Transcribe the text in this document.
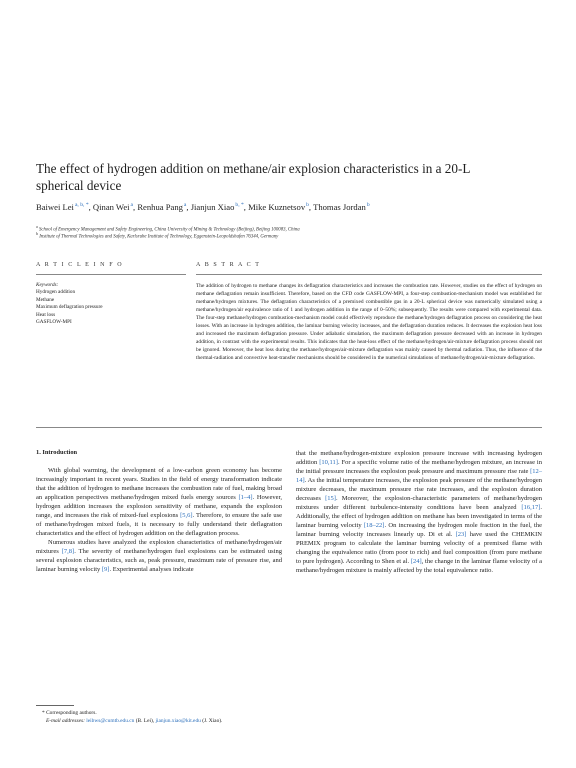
The effect of hydrogen addition on methane/air explosion characteristics in a 20-L spherical device
Baiwei Lei$^{a, b, *}$, Qinan Wei$^a$, Renhua Pang$^a$, Jianjun Xiao$^{b, *}$, Mike Kuznetsov$^b$, Thomas Jordan$^b$
$^a$ School of Emergency Management and Safety Engineering, China University of Mining & Technology (Beijing), Beijing 100083, China
$^b$ Institute of Thermal Technologies and Safety, Karlsruhe Institute of Technology, Eggenstein-Leopoldshafen 76344, Germany
A R T I C L E I N F O	A B S T R A C T
Keywords:
Hydrogen addition
Methane
Maximum deflagration pressure
Heat loss
GASFLOW-MPI
The addition of hydrogen to methane changes its deflagration characteristics and increases the combustion rate. However, studies on the effect of hydrogen on methane deflagration remain insufficient. Therefore, based on the CFD code GASFLOW-MPI, a four-step combustion-mechanism model was established for methane/hydrogen mixtures. The deflagration characteristics of a premixed combustible gas in a 20-L spherical device was numerically simulated using a methane/hydrogen/air equivalence ratio of 1 and hydrogen addition in the range of 0–50%; subsequently. The results were compared with experimental data. The four-step methane/hydrogen combustion-mechanism model could effectively reproduce the methane/hydrogen deflagration process on considering the heat losses. With an increase in hydrogen addition, the laminar burning velocity increases, and the deflagration duration reduces. It decreases the explosion heat loss and increased the maximum deflagration pressure. Under adiabatic simulation, the maximum deflagration pressure decreased with an increase in hydrogen addition, in contrast with the experimental results. This indicates that the heat-loss effect of the methane/hydrogen/air-mixture deflagration process should not be ignored. Moreover, the heat loss during the methane/hydrogen/air-mixture deflagration was mainly caused by thermal radiation. Thus, the influence of the thermal-radiation and convective heat-transfer mechanisms should be considered in the numerical simulations of methane/hydrogen/air-mixture deflagration.
1. Introduction

With global warming, the development of a low-carbon green economy has become increasingly important in recent years. Studies in the field of energy transformation indicate that the addition of hydrogen to methane increases the combustion rate of fuel, making broad an application perspectives methane/hydrogen mixed fuels energy sources [1–4]. However, hydrogen addition increases the explosion sensitivity of methane, expands the explosion range, and increases the risk of mixed-fuel explosions [5,6]. Therefore, to ensure the safe use of methane/hydrogen mixed fuels, it is necessary to fully understand their deflagration characteristics and the effect of hydrogen addition on the deflagration process.

Numerous studies have analyzed the explosion characteristics of methane/hydrogen/air mixtures [7,8]. The severity of methane/hydrogen fuel explosions can be estimated using several explosion characteristics, such as, peak pressure, maximum rate of pressure rise, and laminar burning velocity [9]. Experimental analyses indicate

that the methane/hydrogen-mixture explosion pressure increase with increasing hydrogen addition [10,11]. For a specific volume ratio of the methane/hydrogen mixture, an increase in the initial pressure increases the explosion peak pressure and maximum pressure rise rate [12–14]. As the initial temperature increases, the explosion peak pressure of the methane/hydrogen mixture decreases, the maximum pressure rise rate increases, and the explosion duration decreases [15]. Moreover, the explosion-characteristic parameters of methane/hydrogen mixtures under different turbulence-intensity conditions have been analyzed [16,17]. Additionally, the effect of hydrogen addition on methane has been investigated in terms of the laminar burning velocity [18–22]. On increasing the hydrogen mole fraction in the fuel, the laminar burning velocity increases linearly up. Di et al. [23] have used the CHEMKIN PREMIX program to calculate the laminar burning velocity of a premixed flame with changing the equivalence ratio (from poor to rich) and fuel composition (from pure methane to pure hydrogen). According to Shen et al. [24], the change in the laminar flame velocity of a methane/hydrogen mixture is mainly affected by the total equivalence ratio.

* Corresponding authors.
E-mail addresses: leibws@cumtb.edu.cn (B. Lei), jianjun.xiao@kit.edu (J. Xiao).
